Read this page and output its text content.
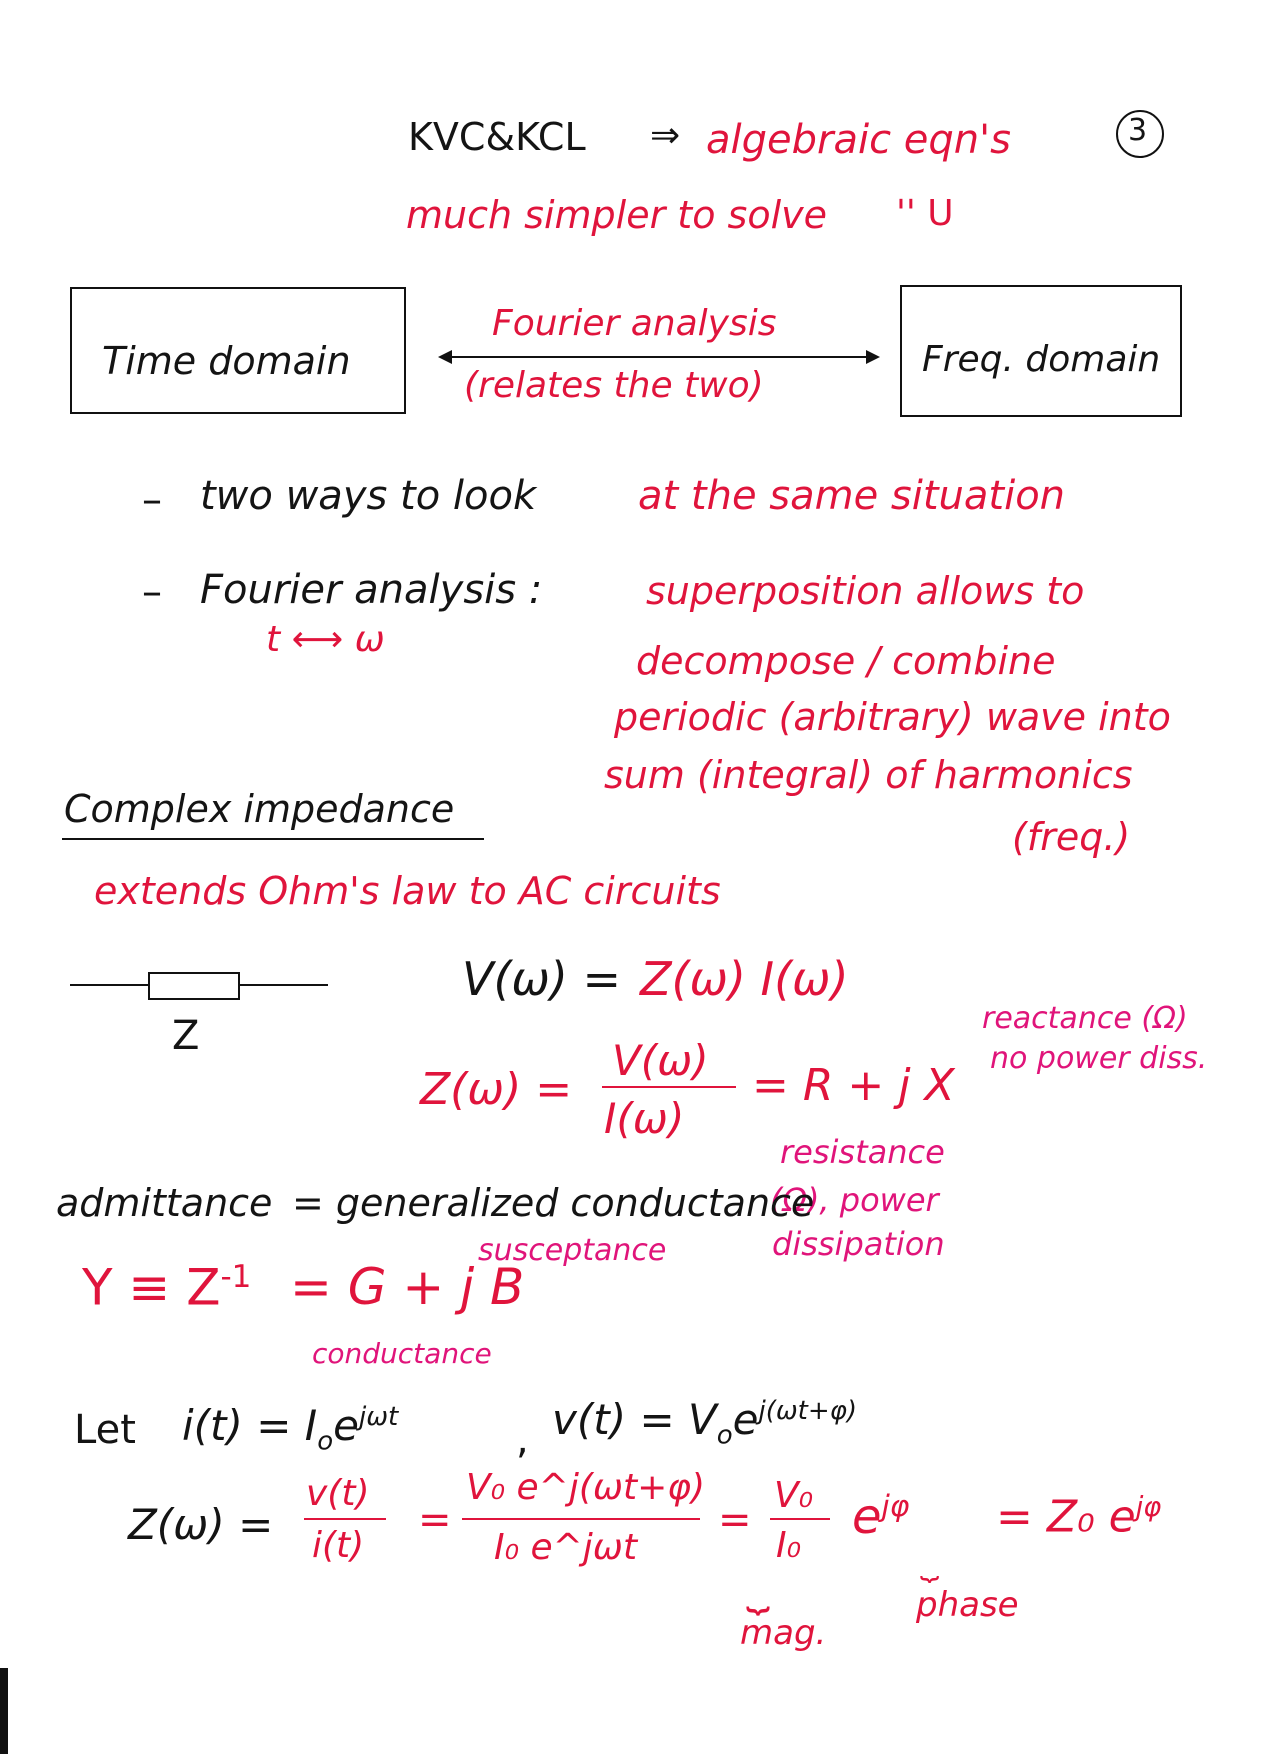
3
KVC&KCL ⇒ algebraic eqn's
much simpler to solve '' U
Time domain	Freq. domain
Fourier analysis
(relates the two)
– two ways to look	at the same situation
– Fourier analysis :
t ⟷ ω
superposition allows to
decompose / combine
periodic (arbitrary) wave into
sum (integral) of harmonics
(freq.)
Complex impedance
extends Ohm's law to AC circuits
Z
V(ω) = Z(ω) I(ω)
reactance (Ω)
no power diss.
Z(ω) =
V(ω)
I(ω)
= R + j X
resistance
(Ω), power
dissipation
admittance = generalized conductance
$Y \equiv Z^{-1} = G + j$ B
susceptance
conductance
Let $i(t) = I_oe^{j\omega t}$	, $v(t) = V_oe^{j(\omega t+\varphi)}$
Z(ω) =
v(t)
i(t)
=
V₀ e^j(ωt+φ)
I₀ e^jωt
=
V₀
I₀
$e^{j\varphi} = Z_0$ $e^{j\varphi}$
⏟
mag.
⏟
phase
